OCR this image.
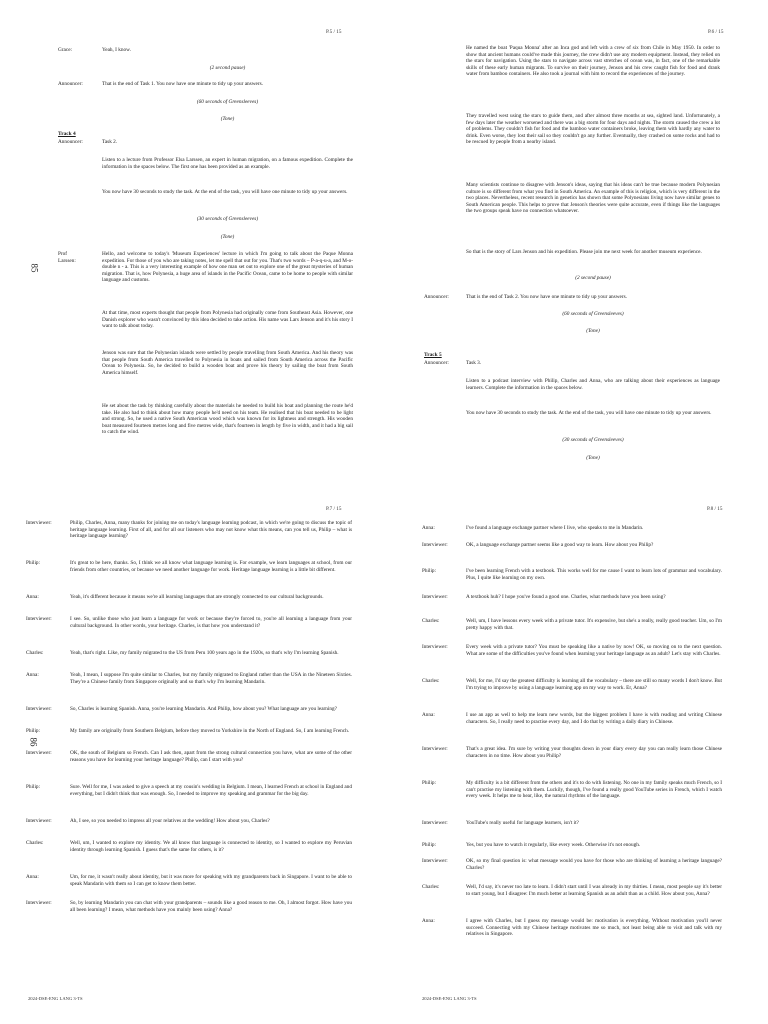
P.5 / 15
85
Grace:	Yeah, I know.
(2 second pause)
Announcer:	That is the end of Task 1. You now have one minute to tidy up your answers.
(60 seconds of Greensleeves)
(Tone)
Track 4
Announcer:	Task 2.
Listen to a lecture from Professor Elsa Larssen, an expert in human migration, on a famous expedition. Complete the information in the spaces below. The first one has been provided as an example.
You now have 30 seconds to study the task. At the end of the task, you will have one minute to tidy up your answers.
(30 seconds of Greensleeves)
(Tone)
Prof Larssen:
Hello, and welcome to today's 'Museum Experiences' lecture in which I'm going to talk about the Paque Monna expedition. For those of you who are taking notes, let me spell that out for you. That's two words – P-a-q-u-a, and M-o- double n - a. This is a very interesting example of how one man set out to explore one of the great mysteries of human migration. That is, how Polynesia, a huge area of islands in the Pacific Ocean, came to be home to people with similar language and customs.
At that time, most experts thought that people from Polynesia had originally come from Southeast Asia. However, one Danish explorer who wasn't convinced by this idea decided to take action. His name was Lars Jenson and it's his story I want to talk about today.
Jenson was sure that the Polynesian islands were settled by people travelling from South America. And his theory was that people from South America travelled to Polynesia in boats and sailed from South America across the Pacific Ocean to Polynesia. So, he decided to build a wooden boat and prove his theory by sailing the boat from South America himself.
He set about the task by thinking carefully about the materials he needed to build his boat and planning the route he'd take. He also had to think about how many people he'd need on his team. He realised that his boat needed to be light and strong. So, he used a native South American wood which was known for its lightness and strength. His wooden boat measured fourteen metres long and five metres wide, that's fourteen in length by five in width, and it had a big sail to catch the wind.
P.6 / 15
He named the boat 'Paqua Monna' after an Inca god and left with a crew of six from Chile in May 1950. In order to show that ancient humans could've made this journey, the crew didn't use any modern equipment. Instead, they relied on the stars for navigation. Using the stars to navigate across vast stretches of ocean was, in fact, one of the remarkable skills of these early human migrants. To survive on their journey, Jenson and his crew caught fish for food and drank water from bamboo containers. He also took a journal with him to record the experiences of the journey.
They travelled west using the stars to guide them, and after almost three months at sea, sighted land. Unfortunately, a few days later the weather worsened and there was a big storm for four days and nights. The storm caused the crew a lot of problems. They couldn't fish for food and the bamboo water containers broke, leaving them with hardly any water to drink. Even worse, they lost their sail so they couldn't go any further. Eventually, they crashed on some rocks and had to be rescued by people from a nearby island.
Many scientists continue to disagree with Jenson's ideas, saying that his ideas can't be true because modern Polynesian culture is so different from what you find in South America. An example of this is religion, which is very different in the two places. Nevertheless, recent research in genetics has shown that some Polynesians living now have similar genes to South American people. This helps to prove that Jenson's theories were quite accurate, even if things like the languages the two groups speak have no connection whatsoever.
So that is the story of Lars Jenson and his expedition. Please join me next week for another museum experience.
(2 second pause)
Announcer:	That is the end of Task 2. You now have one minute to tidy up your answers.
(60 seconds of Greensleeves)
(Tone)
Track 5
Announcer:	Task 3.
Listen to a podcast interview with Philip, Charles and Anna, who are talking about their experiences as language learners. Complete the information in the spaces below.
You now have 30 seconds to study the task. At the end of the task, you will have one minute to tidy up your answers.
(30 seconds of Greensleeves)
(Tone)
P.7 / 15
86
Interviewer:	Philip, Charles, Anna, many thanks for joining me on today's language learning podcast, in which we're going to discuss the topic of heritage language learning. First of all, and for all our listeners who may not know what this means, can you tell us, Philip – what is heritage language learning?
Philip:	It's great to be here, thanks. So, I think we all know what language learning is. For example, we learn languages at school, from our friends from other countries, or because we need another language for work. Heritage language learning is a little bit different.
Anna:	Yeah, it's different because it means we're all learning languages that are strongly connected to our cultural backgrounds.
Interviewer:	I see. So, unlike those who just learn a language for work or because they're forced to, you're all learning a language from your cultural background. In other words, your heritage. Charles, is that how you understand it?
Charles:	Yeah, that's right. Like, my family migrated to the US from Peru 100 years ago in the 1920s, so that's why I'm learning Spanish.
Anna:	Yeah, I mean, I suppose I'm quite similar to Charles, but my family migrated to England rather than the USA in the Nineteen Sixties. They're a Chinese family from Singapore originally and so that's why I'm learning Mandarin.
Interviewer:	So, Charles is learning Spanish. Anna, you're learning Mandarin. And Philip, how about you? What language are you learning?
Philip:	My family are originally from Southern Belgium, before they moved to Yorkshire in the North of England. So, I am learning French.
Interviewer:	OK, the south of Belgium so French. Can I ask then, apart from the strong cultural connection you have, what are some of the other reasons you have for learning your heritage language? Philip, can I start with you?
Philip:	Sure. Well for me, I was asked to give a speech at my cousin's wedding in Belgium. I mean, I learned French at school in England and everything, but I didn't think that was enough. So, I needed to improve my speaking and grammar for the big day.
Interviewer:	Ah, I see, so you needed to impress all your relatives at the wedding! How about you, Charles?
Charles:	Well, um, I wanted to explore my identity. We all know that language is connected to identity, so I wanted to explore my Peruvian identity through learning Spanish. I guess that's the same for others, is it?
Anna:	Um, for me, it wasn't really about identity, but it was more for speaking with my grandparents back in Singapore. I want to be able to speak Mandarin with them so I can get to know them better.
Interviewer:	So, by learning Mandarin you can chat with your grandparents – sounds like a good reason to me. Oh, I almost forgot. How have you all been learning? I mean, what methods have you mainly been using? Anna?
2024-DSE-ENG LANG 3-TS
P.8 / 15
Anna:	I've found a language exchange partner where I live, who speaks to me in Mandarin.
Interviewer:	OK, a language exchange partner seems like a good way to learn. How about you Philip?
Philip:	I've been learning French with a textbook. This works well for me cause I want to learn lots of grammar and vocabulary. Plus, I quite like learning on my own.
Interviewer:	A textbook huh? I hope you've found a good one. Charles, what methods have you been using?
Charles:	Well, um, I have lessons every week with a private tutor. It's expensive, but she's a really, really good teacher. Um, so I'm pretty happy with that.
Interviewer:	Every week with a private tutor? You must be speaking like a native by now! OK, so moving on to the next question. What are some of the difficulties you've found when learning your heritage language as an adult? Let's stay with Charles.
Charles:	Well, for me, I'd say the greatest difficulty is learning all the vocabulary – there are still so many words I don't know. But I'm trying to improve by using a language learning app on my way to work. Er, Anna?
Anna:	I use an app as well to help me learn new words, but the biggest problem I have is with reading and writing Chinese characters. So, I really need to practise every day, and I do that by writing a daily diary in Chinese.
Interviewer:	That's a great idea. I'm sure by writing your thoughts down in your diary every day you can really learn those Chinese characters in no time. How about you Philip?
Philip:	My difficulty is a bit different from the others and it's to do with listening. No one in my family speaks much French, so I can't practise my listening with them. Luckily, though, I've found a really good YouTube series in French, which I watch every week. It helps me to hear, like, the natural rhythms of the language.
Interviewer:	YouTube's really useful for language learners, isn't it?
Philip:	Yes, but you have to watch it regularly, like every week. Otherwise it's not enough.
Interviewer:	OK, so my final question is: what message would you have for those who are thinking of learning a heritage language? Charles?
Charles:	Well, I'd say, it's never too late to learn. I didn't start until I was already in my thirties. I mean, most people say it's better to start young, but I disagree: I'm much better at learning Spanish as an adult than as a child. How about you, Anna?
Anna:	I agree with Charles, but I guess my message would be: motivation is everything. Without motivation you'll never succeed. Connecting with my Chinese heritage motivates me so much, not least being able to visit and talk with my relatives in Singapore.
2024-DSE-ENG LANG 3-TS
